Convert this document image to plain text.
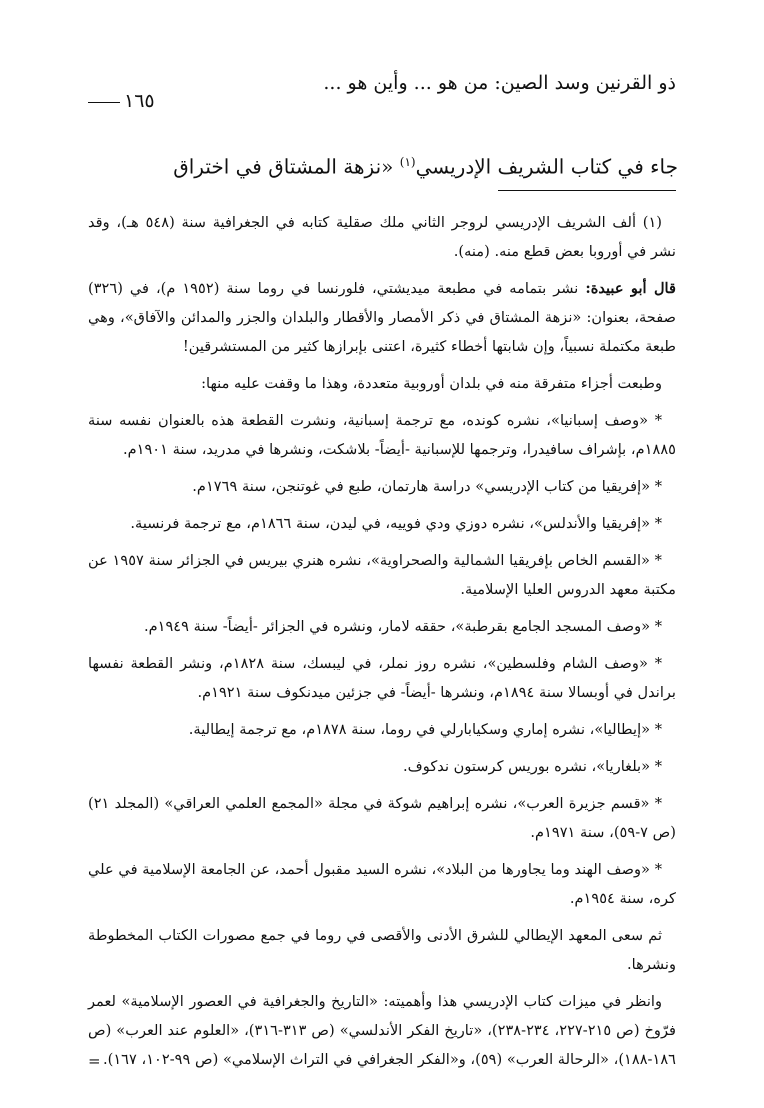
ذو القرنين وسد الصين: من هو ... وأين هو ...
١٦٥
جاء في كتاب الشريف الإدريسي$^{(١)}$ «نزهة المشتاق في اختراق

(١) ألف الشريف الإدريسي لروجر الثاني ملك صقلية كتابه في الجغرافية سنة (٥٤٨ هـ)، وقد نشر في أوروبا بعض قطع منه. (منه).

قال أبو عبيدة: نشر بتمامه في مطبعة ميديشتي، فلورنسا في روما سنة (١٩٥٢ م)، في (٣٢٦) صفحة، بعنوان: «نزهة المشتاق في ذكر الأمصار والأقطار والبلدان والجزر والمدائن والآفاق»، وهي طبعة مكتملة نسبياً، وإن شابتها أخطاء كثيرة، اعتنى بإبرازها كثير من المستشرقين!

وطبعت أجزاء متفرقة منه في بلدان أوروبية متعددة، وهذا ما وقفت عليه منها:

* «وصف إسبانيا»، نشره كونده، مع ترجمة إسبانية، ونشرت القطعة هذه بالعنوان نفسه سنة ١٨٨٥م، بإشراف سافيدرا، وترجمها للإسبانية -أيضاً- بلاشكت، ونشرها في مدريد، سنة ١٩٠١م.

* «إفريقيا من كتاب الإدريسي» دراسة هارتمان، طبع في غوتنجن، سنة ١٧٦٩م.

* «إفريقيا والأندلس»، نشره دوزي ودي فوييه، في ليدن، سنة ١٨٦٦م، مع ترجمة فرنسية.

* «القسم الخاص بإفريقيا الشمالية والصحراوية»، نشره هنري بيريس في الجزائر سنة ١٩٥٧ عن مكتبة معهد الدروس العليا الإسلامية.

* «وصف المسجد الجامع بقرطبة»، حققه لامار، ونشره في الجزائر -أيضاً- سنة ١٩٤٩م.

* «وصف الشام وفلسطين»، نشره روز نملر، في ليبسك، سنة ١٨٢٨م، ونشر القطعة نفسها براندل في أوبسالا سنة ١٨٩٤م، ونشرها -أيضاً- في جزئين ميدنكوف سنة ١٩٢١م.

* «إيطاليا»، نشره إماري وسكيابارلي في روما، سنة ١٨٧٨م، مع ترجمة إيطالية.

* «بلغاريا»، نشره بوريس كرستون ندكوف.

* «قسم جزيرة العرب»، نشره إبراهيم شوكة في مجلة «المجمع العلمي العراقي» (المجلد ٢١) (ص ٧-٥٩)، سنة ١٩٧١م.

* «وصف الهند وما يجاورها من البلاد»، نشره السيد مقبول أحمد، عن الجامعة الإسلامية في علي كره، سنة ١٩٥٤م.

ثم سعى المعهد الإيطالي للشرق الأدنى والأقصى في روما في جمع مصورات الكتاب المخطوطة ونشرها.

وانظر في ميزات كتاب الإدريسي هذا وأهميته: «التاريخ والجغرافية في العصور الإسلامية» لعمر فرّوخ (ص ٢١٥-٢٢٧، ٢٣٤-٢٣٨)، «تاريخ الفكر الأندلسي» (ص ٣١٣-٣١٦)، «العلوم عند العرب» (ص ١٨٦-١٨٨)، «الرحالة العرب» (٥٩)، و«الفكر الجغرافي في التراث الإسلامي» (ص ٩٩-١٠٢، ١٦٧).

=
